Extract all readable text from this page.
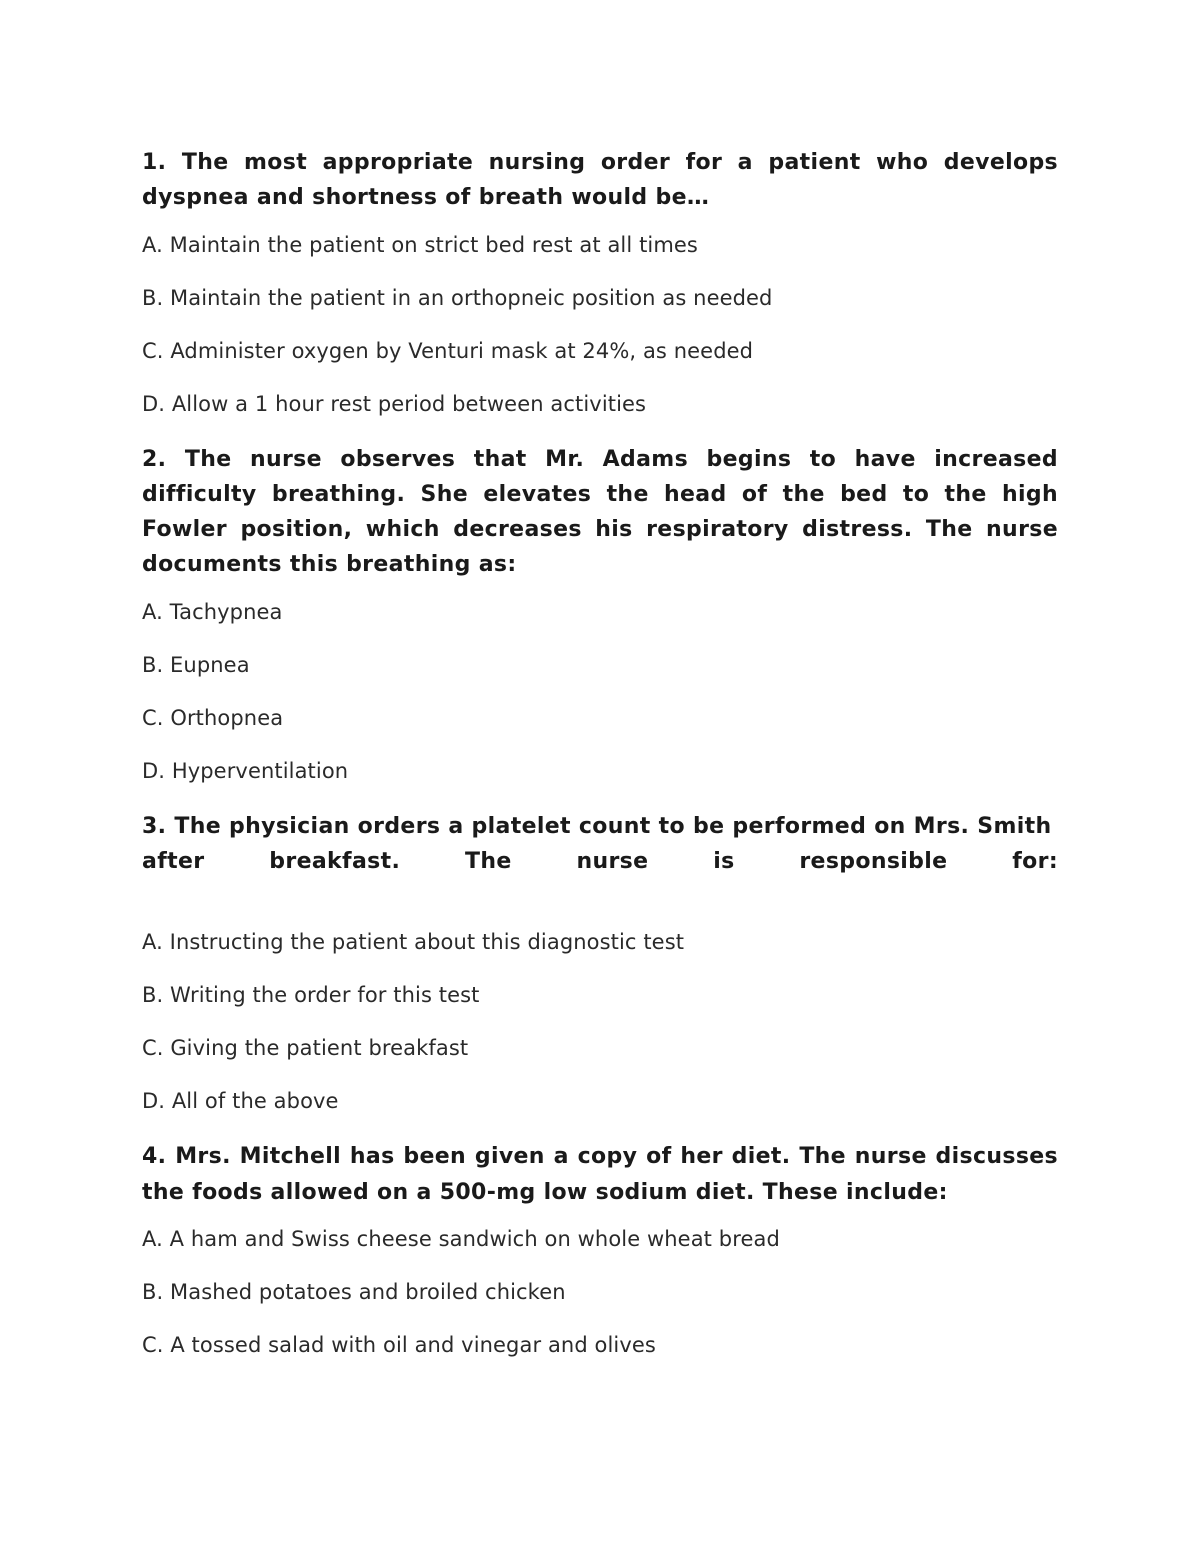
1. The most appropriate nursing order for a patient who develops dyspnea and shortness of breath would be…
A. Maintain the patient on strict bed rest at all times
B. Maintain the patient in an orthopneic position as needed
C. Administer oxygen by Venturi mask at 24%, as needed
D. Allow a 1 hour rest period between activities
2. The nurse observes that Mr. Adams begins to have increased difficulty breathing. She elevates the head of the bed to the high Fowler position, which decreases his respiratory distress. The nurse documents this breathing as:
A. Tachypnea
B. Eupnea
C. Orthopnea
D. Hyperventilation
3. The physician orders a platelet count to be performed on Mrs. Smith
after breakfast. The nurse is responsible for:
A. Instructing the patient about this diagnostic test
B. Writing the order for this test
C. Giving the patient breakfast
D. All of the above
4. Mrs. Mitchell has been given a copy of her diet. The nurse discusses the foods allowed on a 500-mg low sodium diet. These include:
A. A ham and Swiss cheese sandwich on whole wheat bread
B. Mashed potatoes and broiled chicken
C. A tossed salad with oil and vinegar and olives
